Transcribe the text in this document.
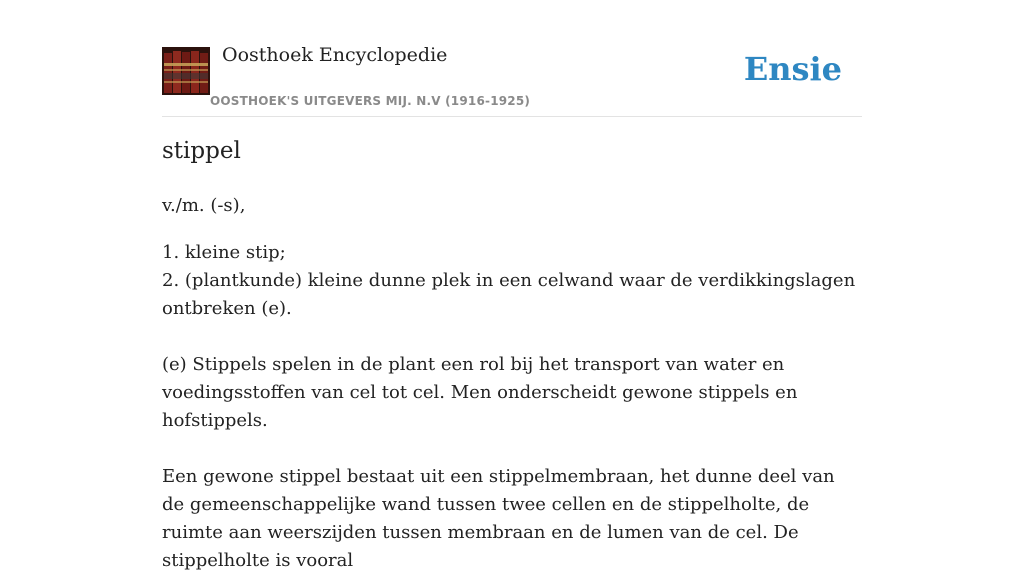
Oosthoek Encyclopedie
OOSTHOEK'S UITGEVERS MIJ. N.V (1916-1925)
Ensie
stippel

v./m. (-s),

1. kleine stip;

2. (plantkunde) kleine dunne plek in een celwand waar de verdikkingslagen ontbreken (e).

(e) Stippels spelen in de plant een rol bij het transport van water en voedingsstoffen van cel tot cel. Men onderscheidt gewone stippels en hofstippels.

Een gewone stippel bestaat uit een stippelmembraan, het dunne deel van de gemeenschappelijke wand tussen twee cellen en de stippelholte, de ruimte aan weerszijden tussen membraan en de lumen van de cel. De stippelholte is vooral
